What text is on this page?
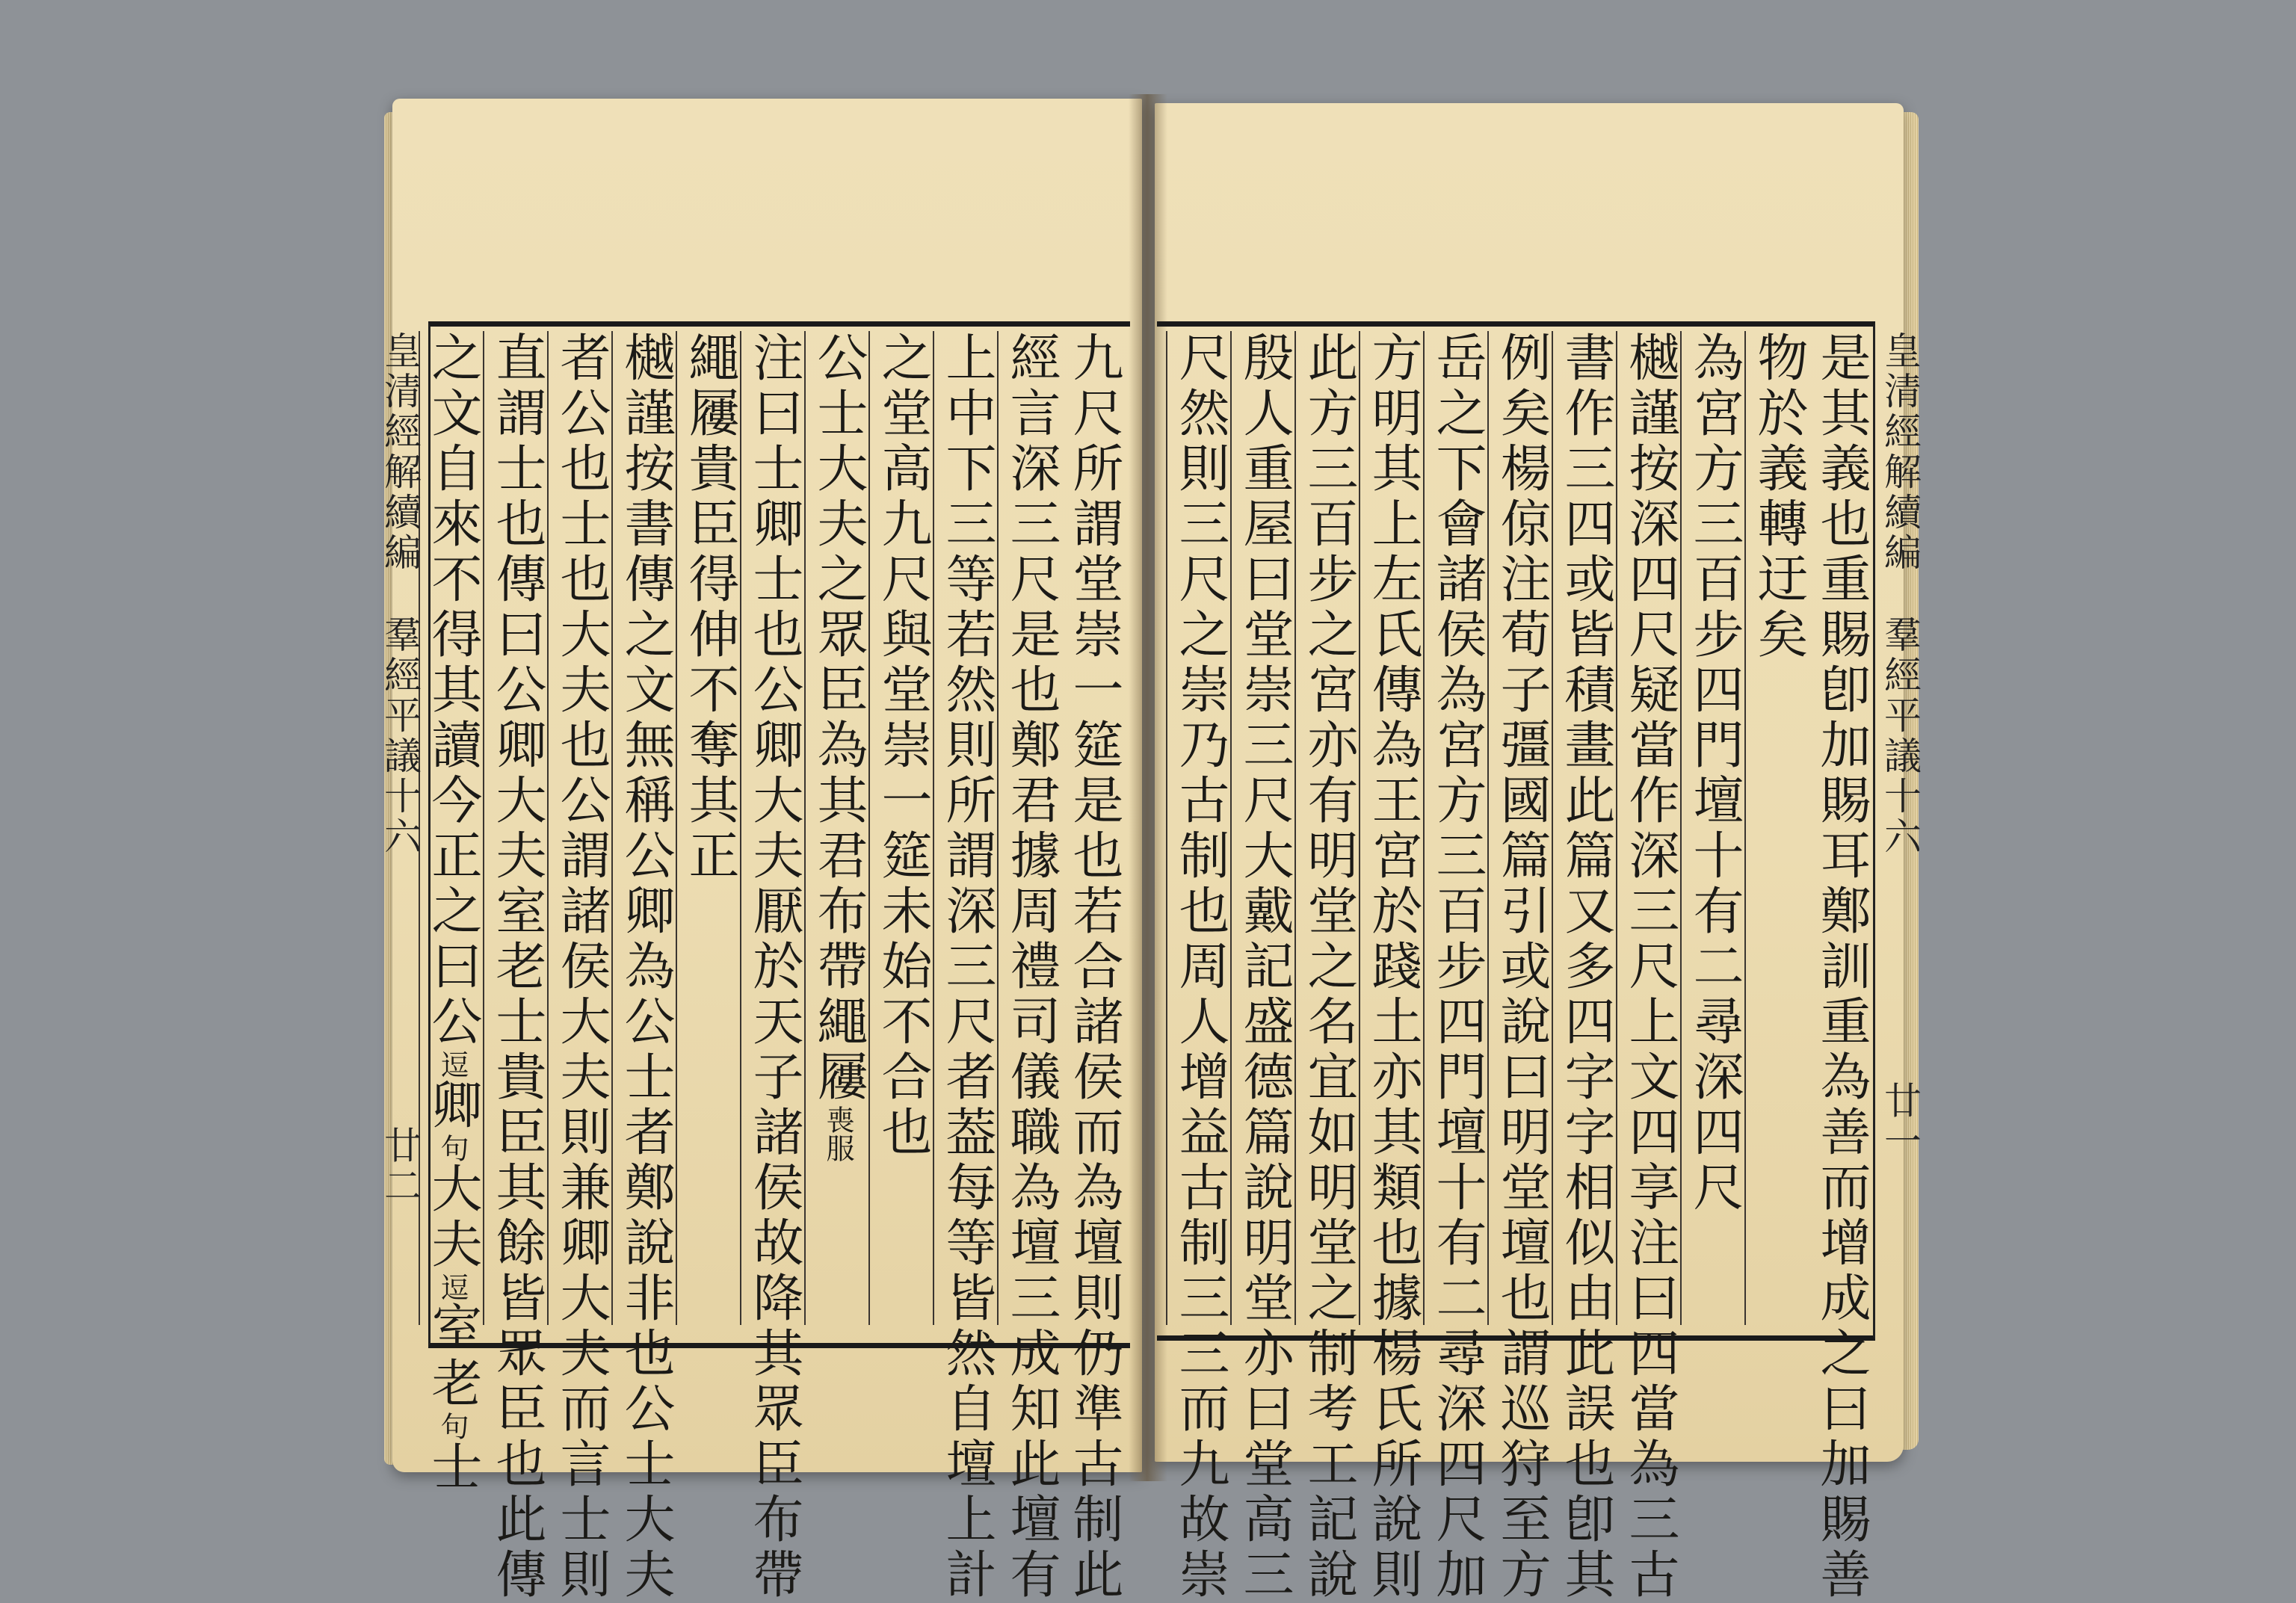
皇清經解續編  羣經平議十六  廿一
是其義也重賜卽加賜耳鄭訓重為善而增成之曰加賜善
物於義轉迂矣
為宮方三百步四門壇十有二尋深四尺
樾謹按深四尺疑當作深三尺上文四享注曰四當為三古
書作三四或皆積畫此篇又多四字字相似由此誤也卽其
例矣楊倞注荀子彊國篇引或說曰明堂壇也謂巡狩至方
岳之下會諸侯為宮方三百步四門壇十有二尋深四尺加
方明其上左氏傳為王宮於踐土亦其類也據楊氏所說則
此方三百步之宮亦有明堂之名宜如明堂之制考工記說
殷人重屋曰堂崇三尺大戴記盛德篇說明堂亦曰堂高三
尺然則三尺之崇乃古制也周人增益古制三三而九故崇
九尺所謂堂崇一筵是也若合諸侯而為壇則仍準古制此
經言深三尺是也鄭君據周禮司儀職為壇三成知此壇有
上中下三等若然則所謂深三尺者葢每等皆然自壇上計
之堂高九尺與堂崇一筵未始不合也
公士大夫之眾臣為其君布帶繩屨喪服
注曰士卿士也公卿大夫厭於天子諸侯故降其眾臣布帶
繩屨貴臣得伸不奪其正
樾謹按書傳之文無稱公卿為公士者鄭說非也公士大夫
者公也士也大夫也公謂諸侯大夫則兼卿大夫而言士則
直謂士也傳曰公卿大夫室老士貴臣其餘皆眾臣也此傳
之文自來不得其讀今正之曰公逗卿句大夫逗室老句士
皇清經解續編  羣經平議十六  廿二
